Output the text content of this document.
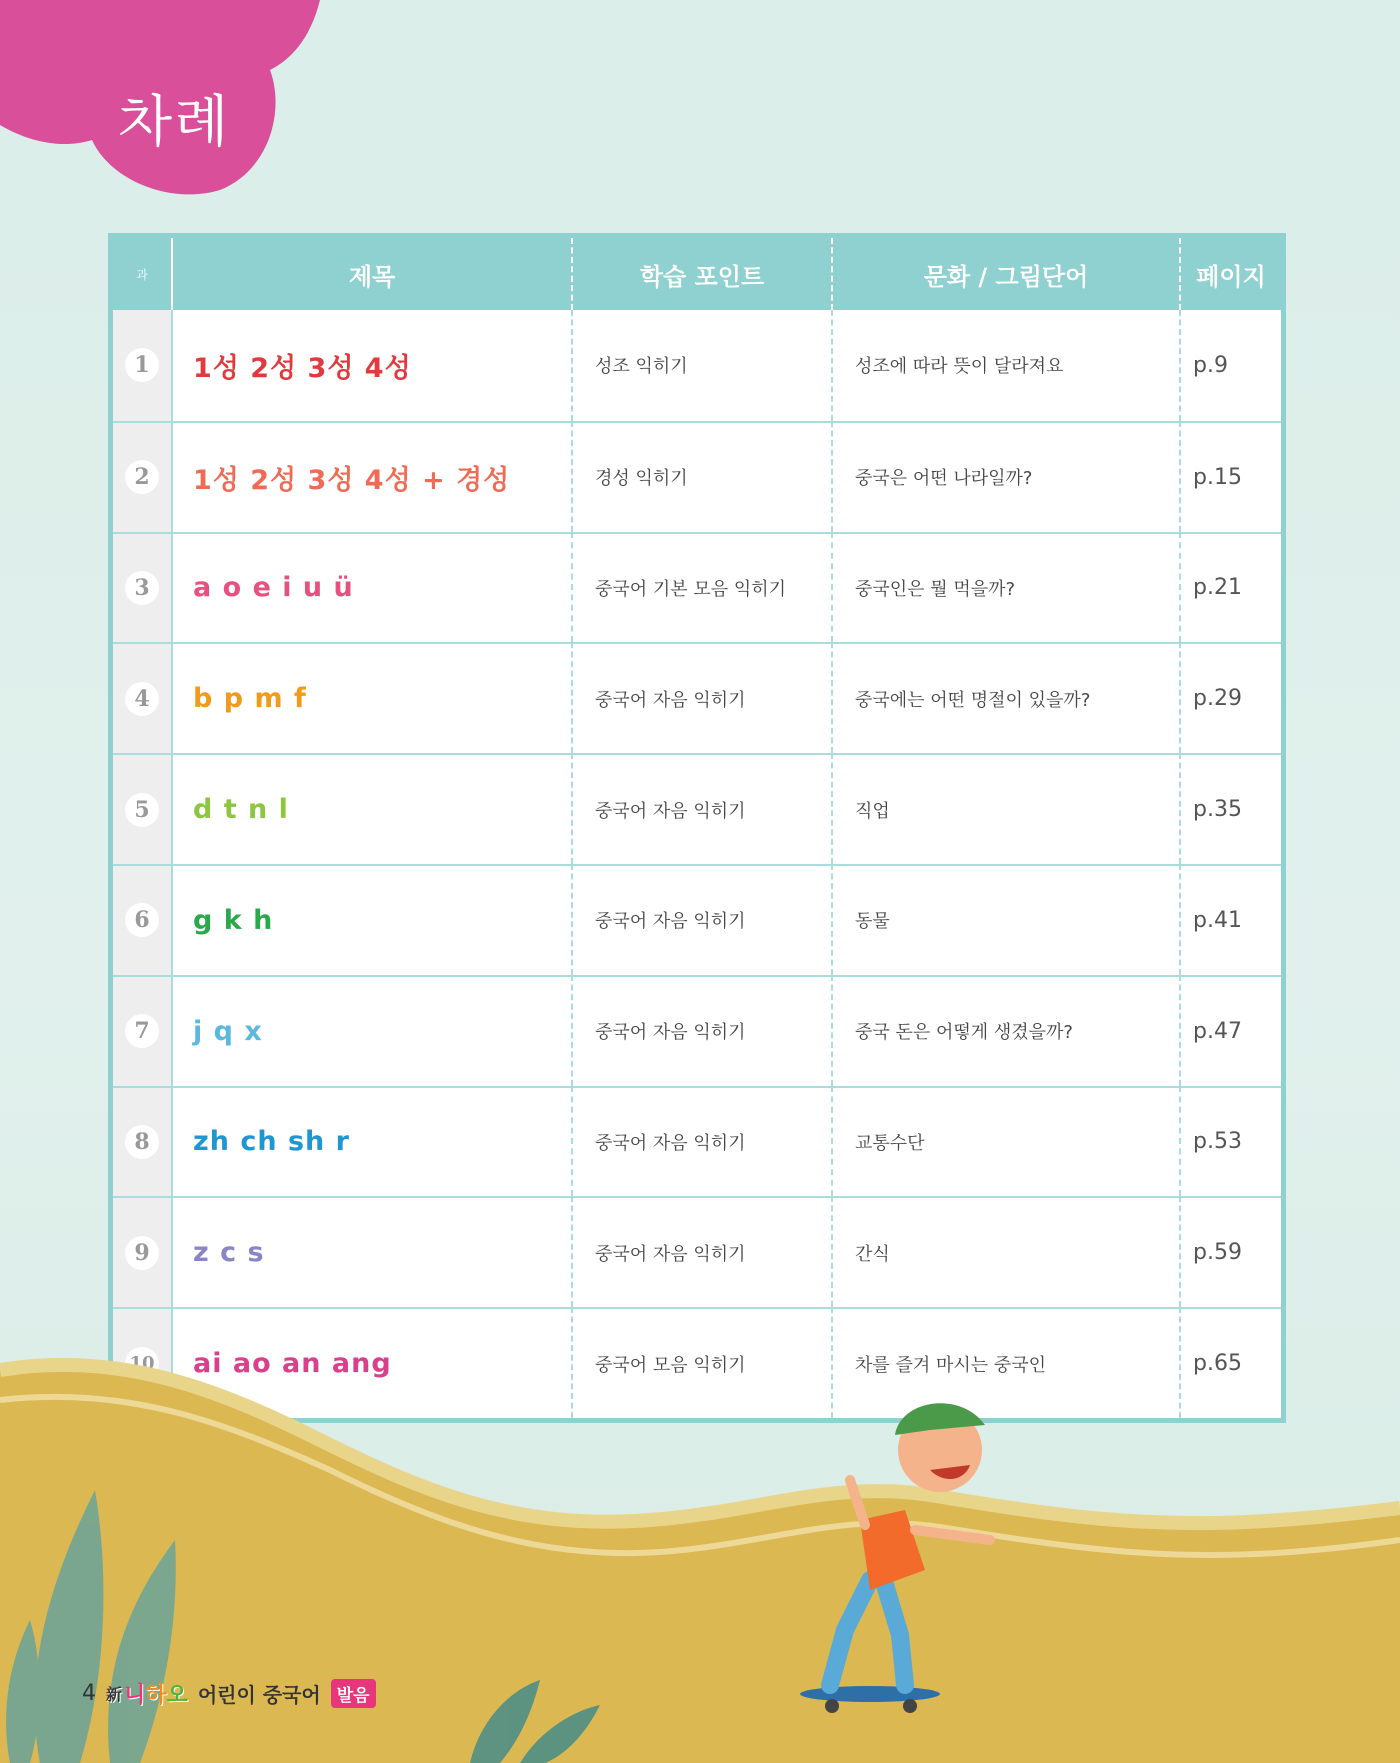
차례
과	제목	학습 포인트	문화 / 그림단어	페이지
1	1성 2성 3성 4성	성조 익히기	성조에 따라 뜻이 달라져요	p.9
2	1성 2성 3성 4성 + 경성	경성 익히기	중국은 어떤 나라일까?	p.15
3	a o e i u ü	중국어 기본 모음 익히기	중국인은 뭘 먹을까?	p.21
4	b p m f	중국어 자음 익히기	중국에는 어떤 명절이 있을까?	p.29
5	d t n l	중국어 자음 익히기	직업	p.35
6	g k h	중국어 자음 익히기	동물	p.41
7	j q x	중국어 자음 익히기	중국 돈은 어떻게 생겼을까?	p.47
8	zh ch sh r	중국어 자음 익히기	교통수단	p.53
9	z c s	중국어 자음 익히기	간식	p.59
10	ai ao an ang	중국어 모음 익히기	차를 즐겨 마시는 중국인	p.65
4 新 니 하 오 어린이 중국어 발음
